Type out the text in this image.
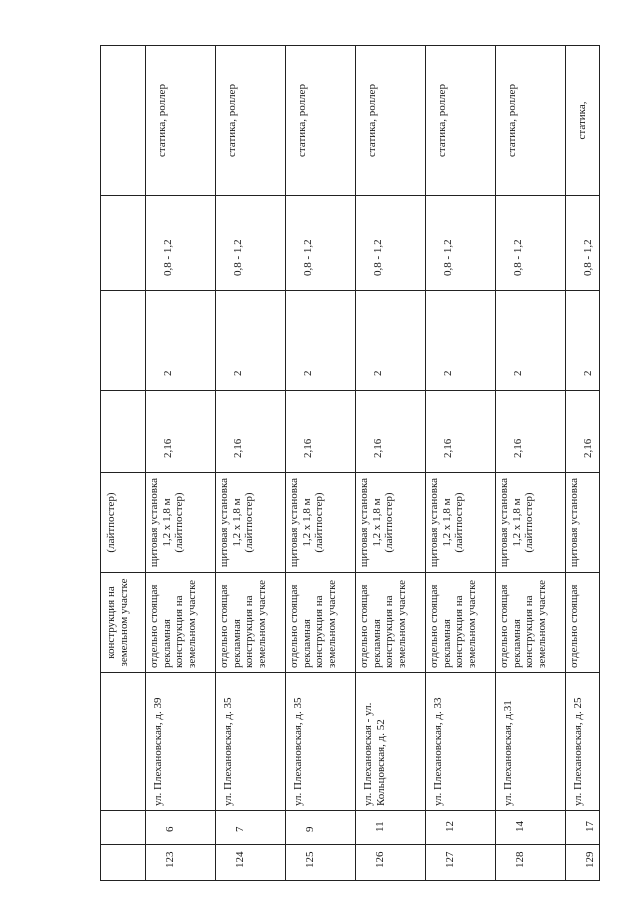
			конструкция на земельном участке	(лайтпостер)				
123	6	ул. Плехановская, д. 39	отдельно стоящая рекламная конструкция на земельном участке	щитовая установка 1,2 х 1,8 м (лайтпостер)	2,16	2	0,8 - 1,2	статика, роллер
124	7	ул. Плехановская, д. 35	отдельно стоящая рекламная конструкция на земельном участке	щитовая установка 1,2 х 1,8 м (лайтпостер)	2,16	2	0,8 - 1,2	статика, роллер
125	9	ул. Плехановская, д. 35	отдельно стоящая рекламная конструкция на земельном участке	щитовая установка 1,2 х 1,8 м (лайтпостер)	2,16	2	0,8 - 1,2	статика, роллер
126	11	ул. Плехановская - ул. Кольцовская, д. 52	отдельно стоящая рекламная конструкция на земельном участке	щитовая установка 1,2 х 1,8 м (лайтпостер)	2,16	2	0,8 - 1,2	статика, роллер
127	12	ул. Плехановская, д. 33	отдельно стоящая рекламная конструкция на земельном участке	щитовая установка 1,2 х 1,8 м (лайтпостер)	2,16	2	0,8 - 1,2	статика, роллер
128	14	ул. Плехановская, д.31	отдельно стоящая рекламная конструкция на земельном участке	щитовая установка 1,2 х 1,8 м (лайтпостер)	2,16	2	0,8 - 1,2	статика, роллер
129	17	ул. Плехановская, д. 25	отдельно стоящая	щитовая установка	2,16	2	0,8 - 1,2	статика,
